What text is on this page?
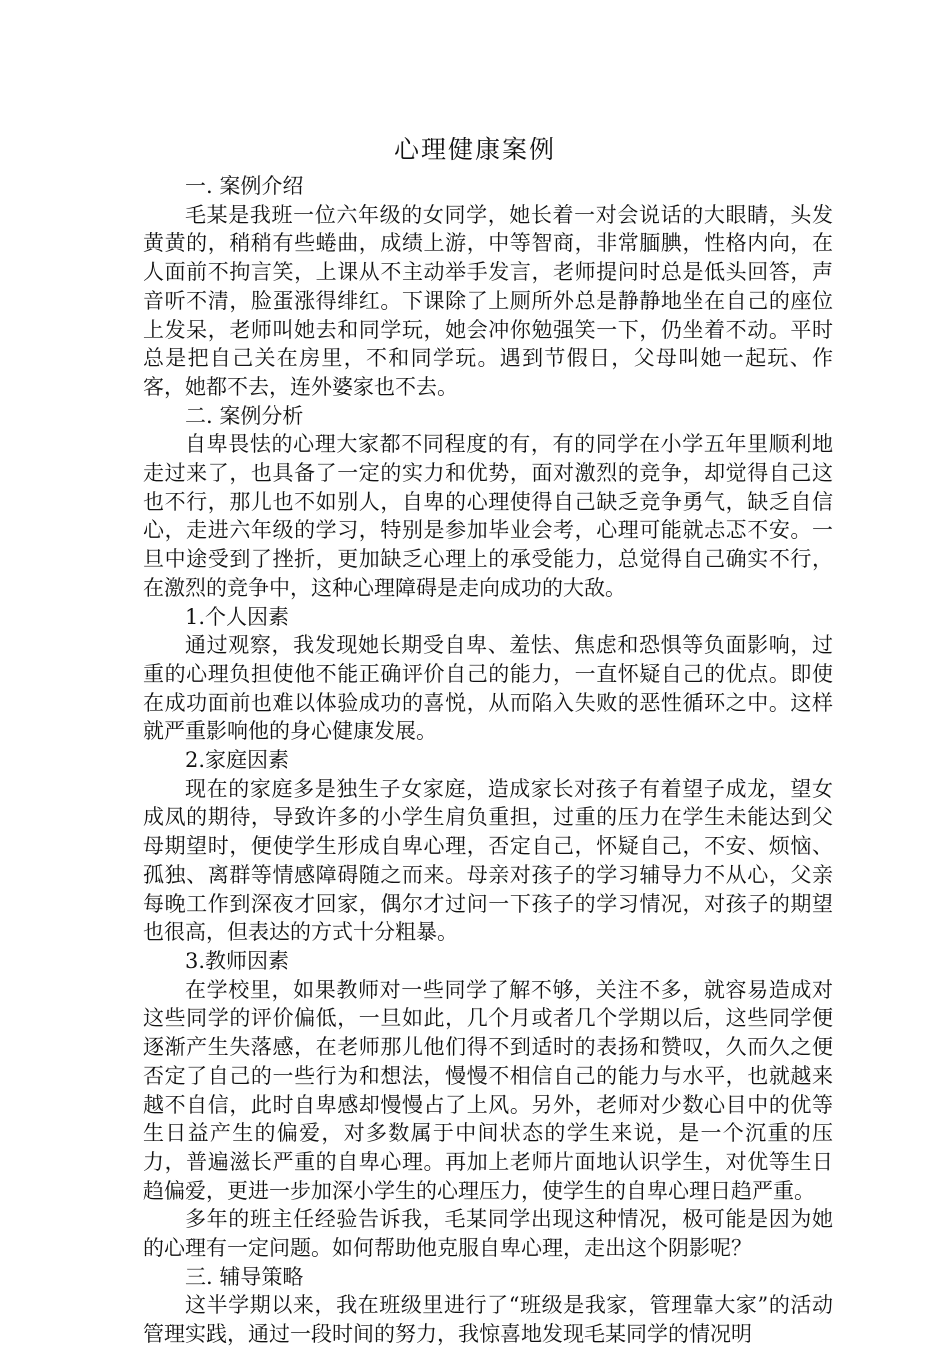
心理健康案例

一. 案例介绍

毛某是我班一位六年级的女同学，她长着一对会说话的大眼睛，头发黄黄的，稍稍有些蜷曲，成绩上游，中等智商，非常腼腆，性格内向，在人面前不拘言笑，上课从不主动举手发言，老师提问时总是低头回答，声音听不清，脸蛋涨得绯红。下课除了上厕所外总是静静地坐在自己的座位上发呆，老师叫她去和同学玩，她会冲你勉强笑一下，仍坐着不动。平时总是把自己关在房里，不和同学玩。遇到节假日，父母叫她一起玩、作客，她都不去，连外婆家也不去。

二. 案例分析

自卑畏怯的心理大家都不同程度的有，有的同学在小学五年里顺利地走过来了，也具备了一定的实力和优势，面对激烈的竞争，却觉得自己这也不行，那儿也不如别人，自卑的心理使得自己缺乏竞争勇气，缺乏自信心，走进六年级的学习，特别是参加毕业会考，心理可能就忐忑不安。一旦中途受到了挫折，更加缺乏心理上的承受能力，总觉得自己确实不行，在激烈的竞争中，这种心理障碍是走向成功的大敌。

1.个人因素

通过观察，我发现她长期受自卑、羞怯、焦虑和恐惧等负面影响，过重的心理负担使他不能正确评价自己的能力，一直怀疑自己的优点。即使在成功面前也难以体验成功的喜悦，从而陷入失败的恶性循环之中。这样就严重影响他的身心健康发展。

2.家庭因素

现在的家庭多是独生子女家庭，造成家长对孩子有着望子成龙，望女成凤的期待，导致许多的小学生肩负重担，过重的压力在学生未能达到父母期望时，便使学生形成自卑心理，否定自己，怀疑自己，不安、烦恼、孤独、离群等情感障碍随之而来。母亲对孩子的学习辅导力不从心，父亲每晚工作到深夜才回家，偶尔才过问一下孩子的学习情况，对孩子的期望也很高，但表达的方式十分粗暴。

3.教师因素

在学校里，如果教师对一些同学了解不够，关注不多，就容易造成对这些同学的评价偏低，一旦如此，几个月或者几个学期以后，这些同学便逐渐产生失落感，在老师那儿他们得不到适时的表扬和赞叹，久而久之便否定了自己的一些行为和想法，慢慢不相信自己的能力与水平，也就越来越不自信，此时自卑感却慢慢占了上风。另外，老师对少数心目中的优等生日益产生的偏爱，对多数属于中间状态的学生来说，是一个沉重的压力，普遍滋长严重的自卑心理。再加上老师片面地认识学生，对优等生日趋偏爱，更进一步加深小学生的心理压力，使学生的自卑心理日趋严重。

多年的班主任经验告诉我，毛某同学出现这种情况，极可能是因为她的心理有一定问题。如何帮助他克服自卑心理，走出这个阴影呢？

三. 辅导策略

这半学期以来，我在班级里进行了“班级是我家，管理靠大家”的活动管理实践，通过一段时间的努力，我惊喜地发现毛某同学的情况明
